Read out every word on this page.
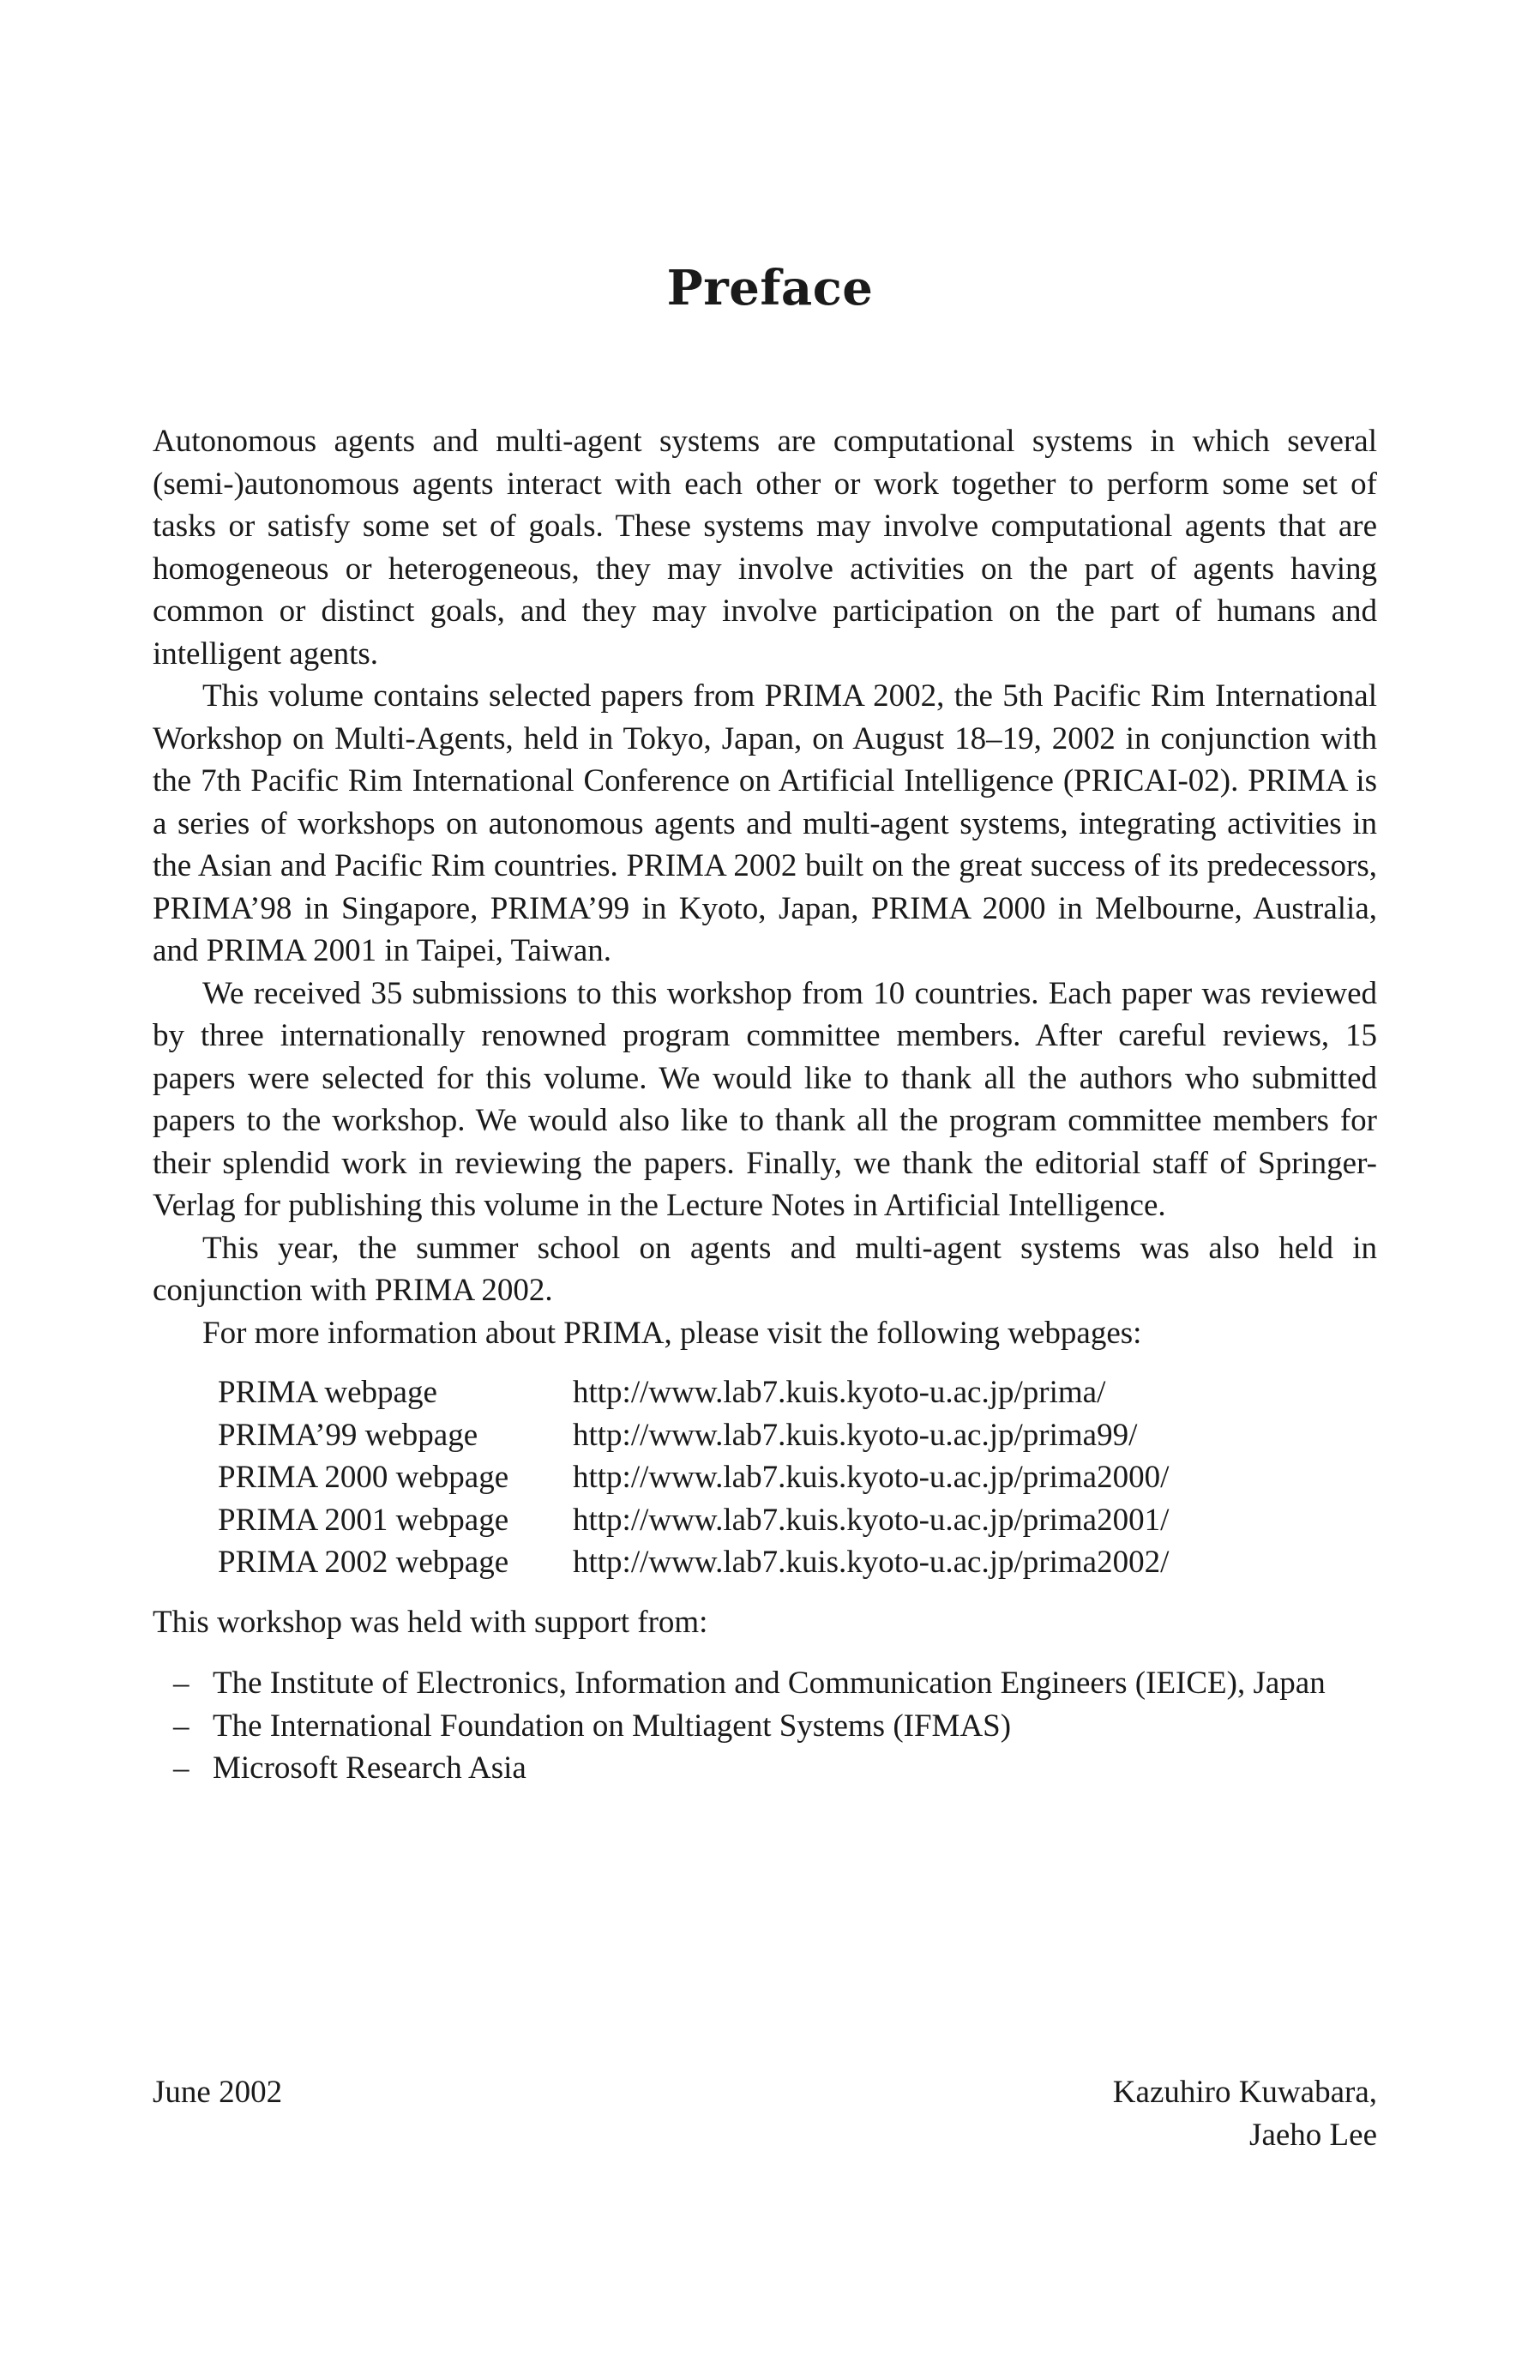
Preface

Autonomous agents and multi-agent systems are computational systems in which several (semi-)autonomous agents interact with each other or work together to perform some set of tasks or satisfy some set of goals. These systems may involve computational agents that are homogeneous or heterogeneous, they may involve activities on the part of agents having common or distinct goals, and they may involve participation on the part of humans and intelligent agents.

This volume contains selected papers from PRIMA 2002, the 5th Pacific Rim International Workshop on Multi-Agents, held in Tokyo, Japan, on August 18–19, 2002 in conjunction with the 7th Pacific Rim International Conference on Artificial Intelligence (PRICAI-02). PRIMA is a series of workshops on autonomous agents and multi-agent systems, integrating activities in the Asian and Pacific Rim countries. PRIMA 2002 built on the great success of its predecessors, PRIMA’98 in Singapore, PRIMA’99 in Kyoto, Japan, PRIMA 2000 in Melbourne, Australia, and PRIMA 2001 in Taipei, Taiwan.

We received 35 submissions to this workshop from 10 countries. Each paper was reviewed by three internationally renowned program committee members. After careful reviews, 15 papers were selected for this volume. We would like to thank all the authors who submitted papers to the workshop. We would also like to thank all the program committee members for their splendid work in reviewing the papers. Finally, we thank the editorial staff of Springer-Verlag for publishing this volume in the Lecture Notes in Artificial Intelligence.

This year, the summer school on agents and multi-agent systems was also held in conjunction with PRIMA 2002.

For more information about PRIMA, please visit the following webpages:

PRIMA webpage	http://www.lab7.kuis.kyoto-u.ac.jp/prima/
PRIMA’99 webpage	http://www.lab7.kuis.kyoto-u.ac.jp/prima99/
PRIMA 2000 webpage	http://www.lab7.kuis.kyoto-u.ac.jp/prima2000/
PRIMA 2001 webpage	http://www.lab7.kuis.kyoto-u.ac.jp/prima2001/
PRIMA 2002 webpage	http://www.lab7.kuis.kyoto-u.ac.jp/prima2002/

This workshop was held with support from:

– The Institute of Electronics, Information and Communication Engineers (IEICE), Japan
– The International Foundation on Multiagent Systems (IFMAS)
– Microsoft Research Asia
June 2002	Kazuhiro Kuwabara,
Jaeho Lee
